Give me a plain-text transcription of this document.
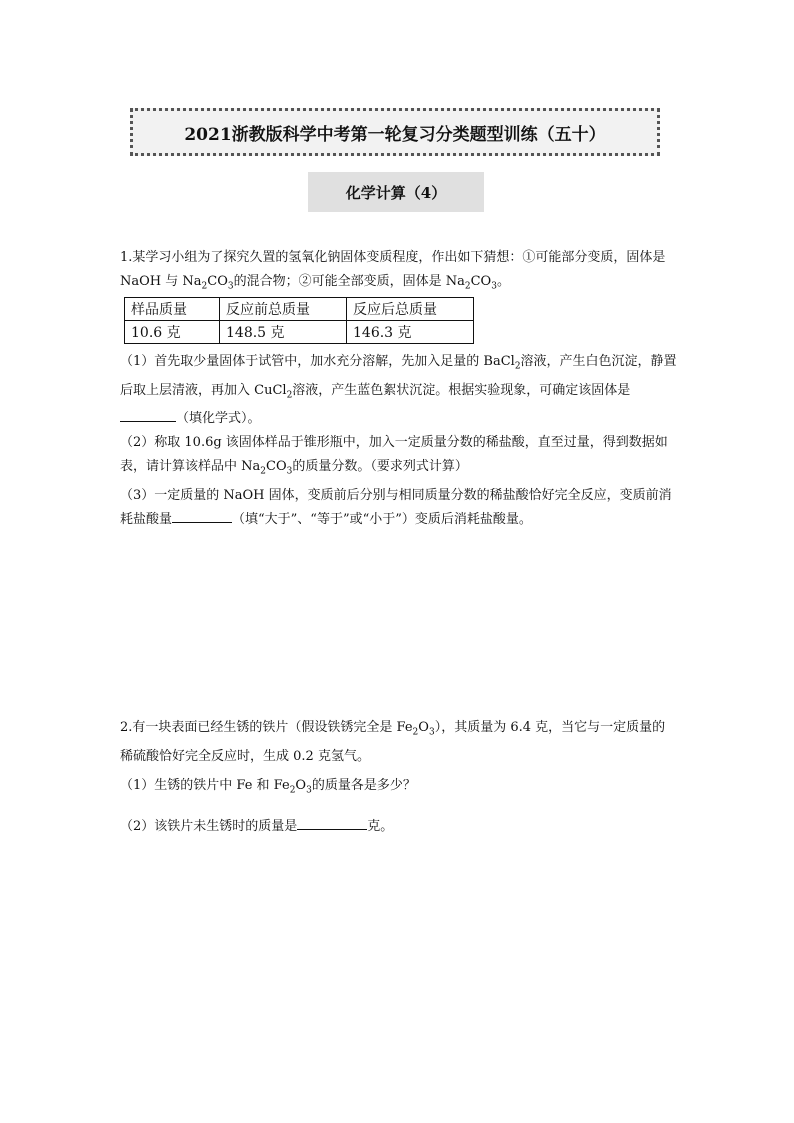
2021浙教版科学中考第一轮复习分类题型训练（五十）
化学计算（4）

1.某学习小组为了探究久置的氢氧化钠固体变质程度，作出如下猜想：①可能部分变质，固体是 NaOH 与 $Na_2CO_3$的混合物；②可能全部变质，固体是 $Na_2CO_3$。

样品质量	反应前总质量	反应后总质量
10.6 克	148.5 克	146.3 克

（1）首先取少量固体于试管中，加水充分溶解，先加入足量的 BaCl$_2$溶液，产生白色沉淀，静置后取上层清液，再加入 CuCl$_2$溶液，产生蓝色絮状沉淀。根据实验现象，可确定该固体是（填化学式）。

（2）称取 10.6g 该固体样品于锥形瓶中，加入一定质量分数的稀盐酸，直至过量，得到数据如表，请计算该样品中 $Na_2CO_3$的质量分数。（要求列式计算）

（3）一定质量的 NaOH 固体，变质前后分别与相同质量分数的稀盐酸恰好完全反应，变质前消耗盐酸量	（填“大于”、“等于”或“小于”）变质后消耗盐酸量。

2.有一块表面已经生锈的铁片（假设铁锈完全是 $Fe_2O_3$），其质量为 6.4 克，当它与一定质量的稀硫酸恰好完全反应时，生成 0.2 克氢气。

（1）生锈的铁片中 Fe 和 $Fe_2O_3$的质量各是多少？

（2）该铁片未生锈时的质量是	克。
